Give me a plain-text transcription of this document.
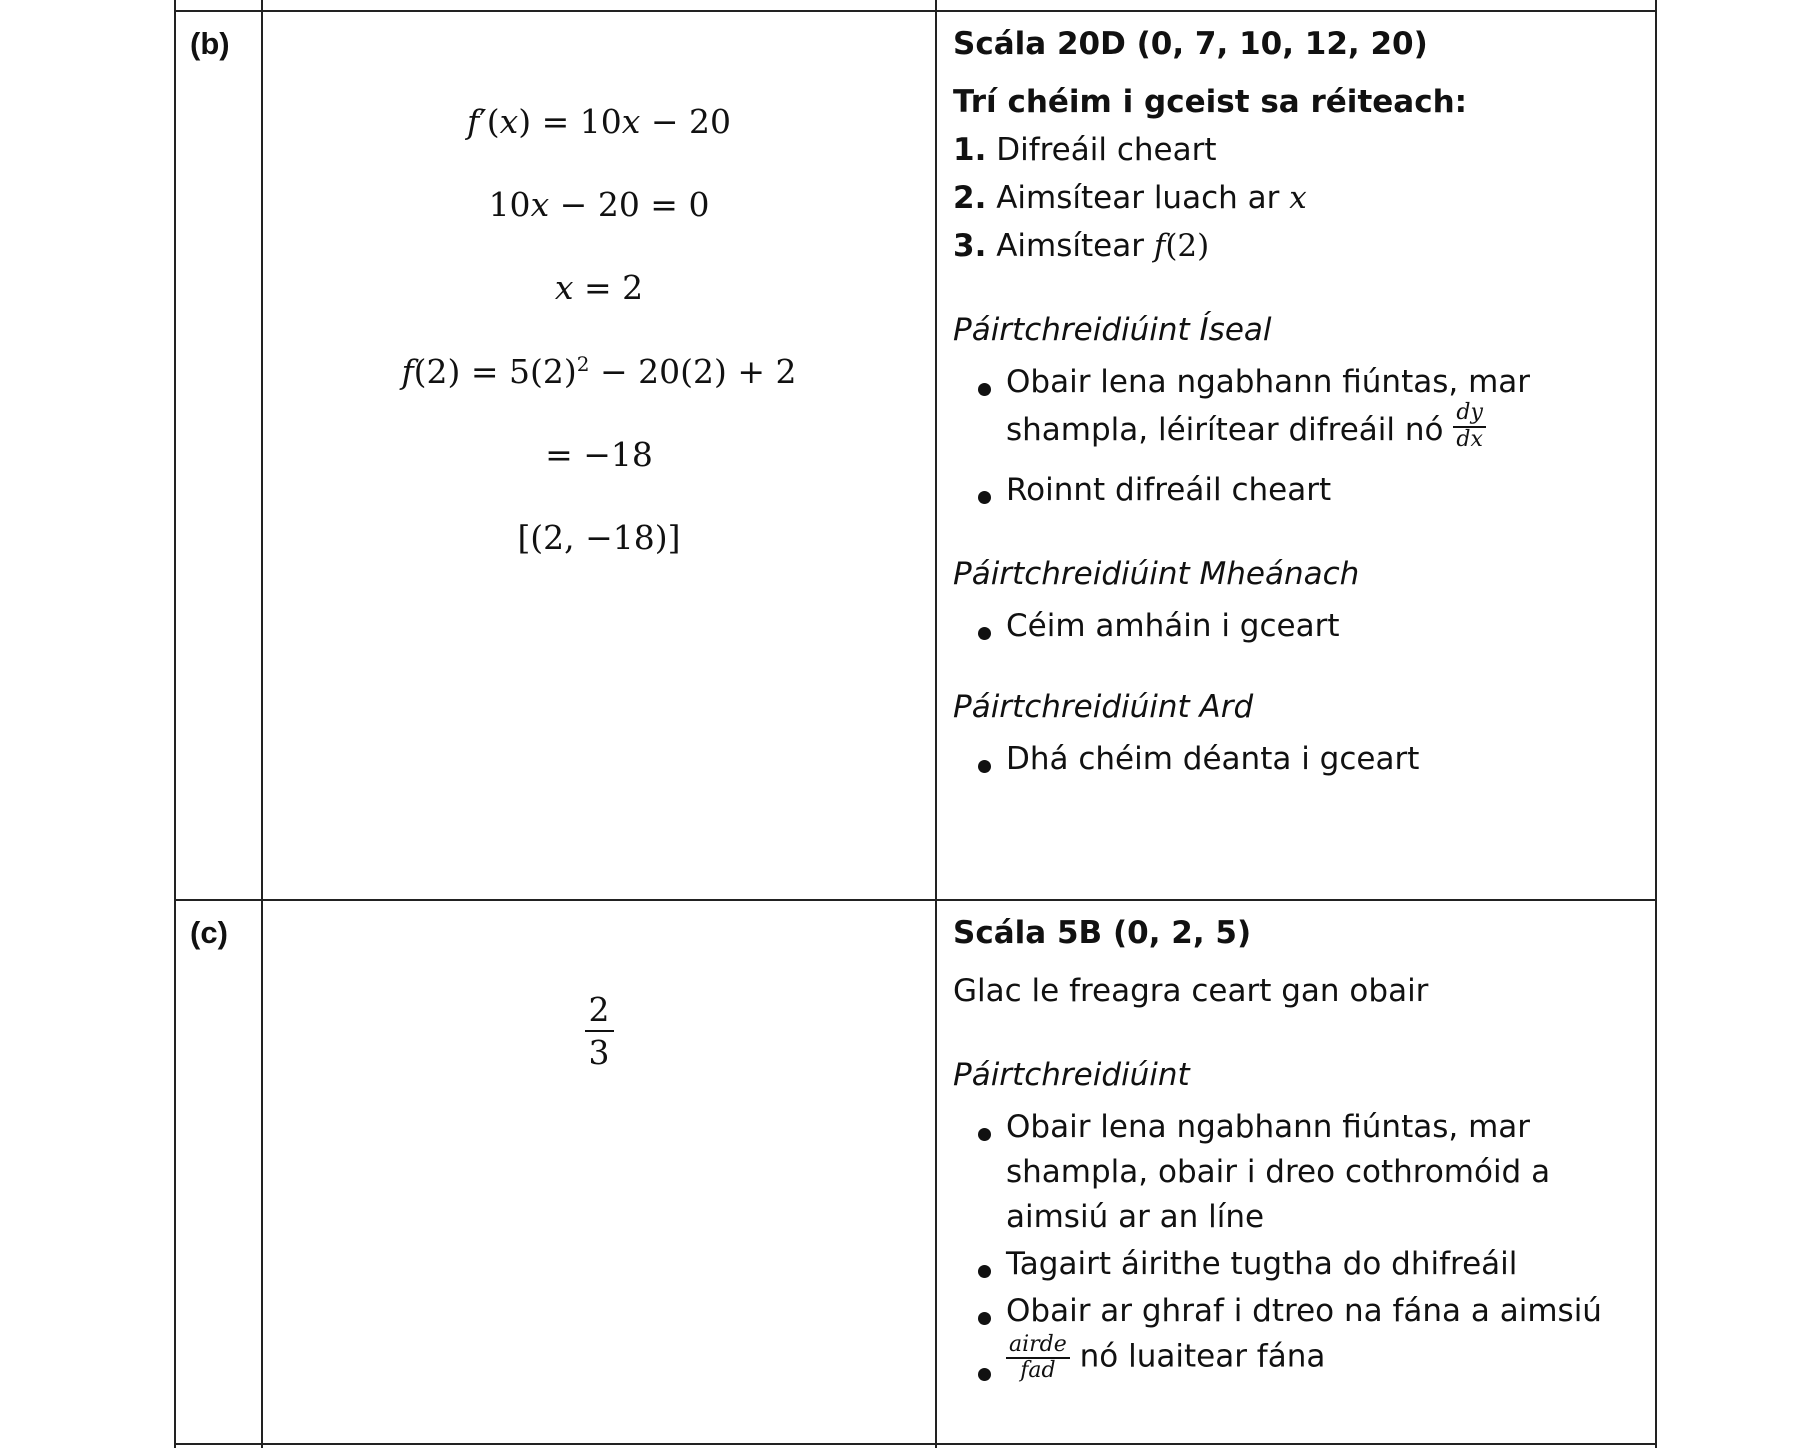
(b)
f′(x) = 10x − 20
10x − 20 = 0
x = 2
$f(2) = 5(2)^2 - 20(2) + 2$
= −18
[(2, −18)]
Scála 20D (0, 7, 10, 12, 20)
Trí chéim i gceist sa réiteach:
1. Difreáil cheart
2. Aimsítear luach ar x
3. Aimsítear f(2)
Páirtchreidiúint Íseal
Obair lena ngabhann fiúntas, mar
shampla, léirítear difreáil nó $\frac{dy}{dx}$
Roinnt difreáil cheart
Páirtchreidiúint Mheánach
Céim amháin i gceart
Páirtchreidiúint Ard
Dhá chéim déanta i gceart
(c)
$\frac{2}{3}$
Scála 5B (0, 2, 5)
Glac le freagra ceart gan obair
Páirtchreidiúint
Obair lena ngabhann fiúntas, mar
shampla, obair i dreo cothromóid a
aimsiú ar an líne
Tagairt áirithe tugtha do dhifreáil
Obair ar ghraf i dtreo na fána a aimsiú
$\frac{\text{airde}}{\text{fad}}$ nó luaitear fána
